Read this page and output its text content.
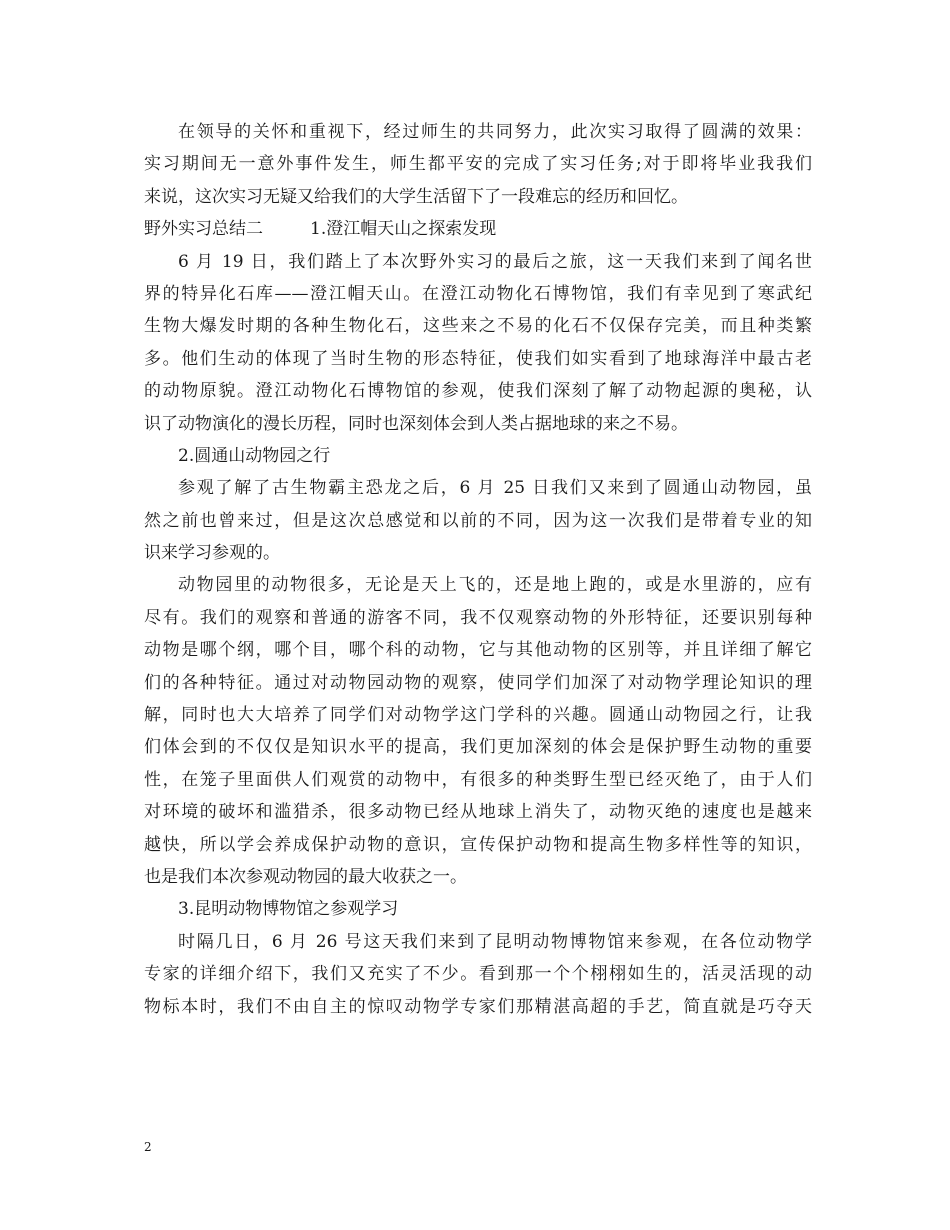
在领导的关怀和重视下，经过师生的共同努力，此次实习取得了圆满的效果：
实习期间无一意外事件发生，师生都平安的完成了实习任务;对于即将毕业我我们
来说，这次实习无疑又给我们的大学生活留下了一段难忘的经历和回忆。
野外实习总结二	1.澄江帽天山之探索发现
6 月 19 日，我们踏上了本次野外实习的最后之旅，这一天我们来到了闻名世
界的特异化石库——澄江帽天山。在澄江动物化石博物馆，我们有幸见到了寒武纪
生物大爆发时期的各种生物化石，这些来之不易的化石不仅保存完美，而且种类繁
多。他们生动的体现了当时生物的形态特征，使我们如实看到了地球海洋中最古老
的动物原貌。澄江动物化石博物馆的参观，使我们深刻了解了动物起源的奥秘，认
识了动物演化的漫长历程，同时也深刻体会到人类占据地球的来之不易。
2.圆通山动物园之行
参观了解了古生物霸主恐龙之后，6 月 25 日我们又来到了圆通山动物园，虽
然之前也曾来过，但是这次总感觉和以前的不同，因为这一次我们是带着专业的知
识来学习参观的。
动物园里的动物很多，无论是天上飞的，还是地上跑的，或是水里游的，应有
尽有。我们的观察和普通的游客不同，我不仅观察动物的外形特征，还要识别每种
动物是哪个纲，哪个目，哪个科的动物，它与其他动物的区别等，并且详细了解它
们的各种特征。通过对动物园动物的观察，使同学们加深了对动物学理论知识的理
解，同时也大大培养了同学们对动物学这门学科的兴趣。圆通山动物园之行，让我
们体会到的不仅仅是知识水平的提高，我们更加深刻的体会是保护野生动物的重要
性，在笼子里面供人们观赏的动物中，有很多的种类野生型已经灭绝了，由于人们
对环境的破坏和滥猎杀，很多动物已经从地球上消失了，动物灭绝的速度也是越来
越快，所以学会养成保护动物的意识，宣传保护动物和提高生物多样性等的知识，
也是我们本次参观动物园的最大收获之一。
3.昆明动物博物馆之参观学习
时隔几日，6 月 26 号这天我们来到了昆明动物博物馆来参观，在各位动物学
专家的详细介绍下，我们又充实了不少。看到那一个个栩栩如生的，活灵活现的动
物标本时，我们不由自主的惊叹动物学专家们那精湛高超的手艺，简直就是巧夺天
2
